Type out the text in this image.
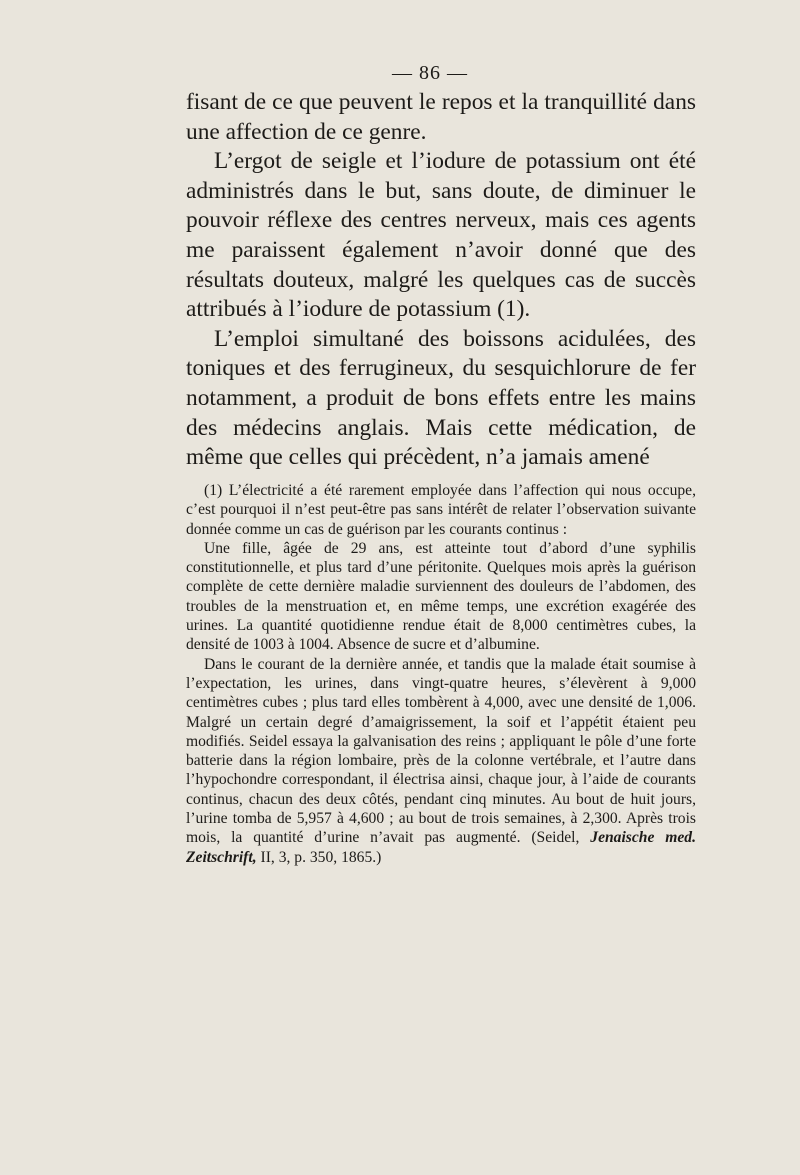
— 86 —

fisant de ce que peuvent le repos et la tranquillité dans une affection de ce genre.

L’ergot de seigle et l’iodure de potassium ont été administrés dans le but, sans doute, de diminuer le pouvoir réflexe des centres nerveux, mais ces agents me paraissent également n’avoir donné que des résultats douteux, malgré les quelques cas de succès attribués à l’iodure de potassium (1).

L’emploi simultané des boissons acidulées, des toniques et des ferrugineux, du sesquichlorure de fer notamment, a produit de bons effets entre les mains des médecins anglais. Mais cette médication, de même que celles qui précèdent, n’a jamais amené

(1) L’électricité a été rarement employée dans l’affection qui nous occupe, c’est pourquoi il n’est peut-être pas sans intérêt de relater l’observation suivante donnée comme un cas de guérison par les courants continus :

Une fille, âgée de 29 ans, est atteinte tout d’abord d’une syphilis constitutionnelle, et plus tard d’une péritonite. Quelques mois après la guérison complète de cette dernière maladie surviennent des douleurs de l’abdomen, des troubles de la menstruation et, en même temps, une excrétion exagérée des urines. La quantité quotidienne rendue était de 8,000 centimètres cubes, la densité de 1003 à 1004. Absence de sucre et d’albumine.

Dans le courant de la dernière année, et tandis que la malade était soumise à l’expectation, les urines, dans vingt-quatre heures, s’élevèrent à 9,000 centimètres cubes ; plus tard elles tombèrent à 4,000, avec une densité de 1,006. Malgré un certain degré d’amaigrissement, la soif et l’appétit étaient peu modifiés. Seidel essaya la galvanisation des reins ; appliquant le pôle d’une forte batterie dans la région lombaire, près de la colonne vertébrale, et l’autre dans l’hypochondre correspondant, il électrisa ainsi, chaque jour, à l’aide de courants continus, chacun des deux côtés, pendant cinq minutes. Au bout de huit jours, l’urine tomba de 5,957 à 4,600 ; au bout de trois semaines, à 2,300. Après trois mois, la quantité d’urine n’avait pas augmenté. (Seidel, Jenaische med. Zeitschrift, II, 3, p. 350, 1865.)
